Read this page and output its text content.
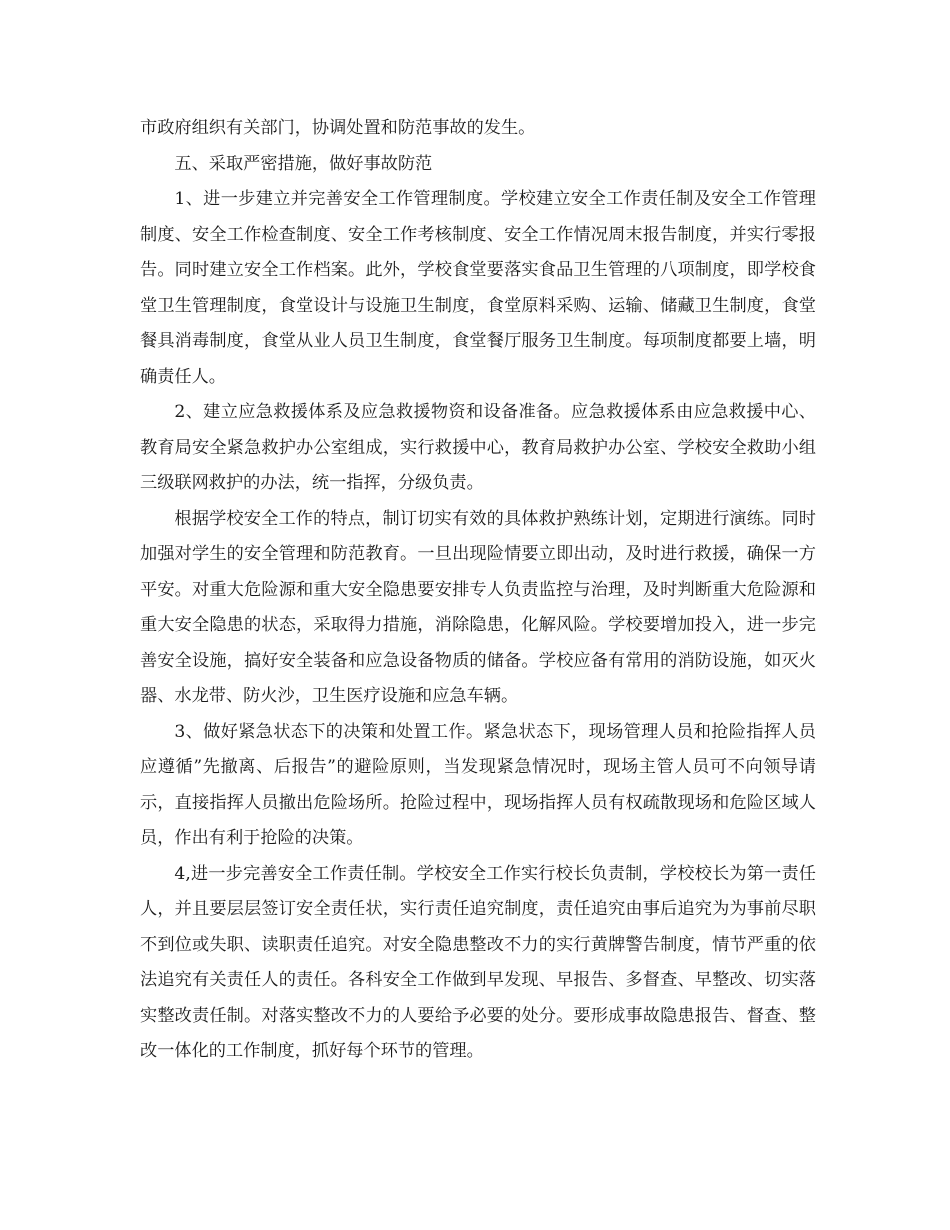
市政府组织有关部门，协调处置和防范事故的发生。

五、采取严密措施，做好事故防范

1、进一步建立并完善安全工作管理制度。学校建立安全工作责任制及安全工作管理制度、安全工作检查制度、安全工作考核制度、安全工作情况周末报告制度，并实行零报告。同时建立安全工作档案。此外，学校食堂要落实食品卫生管理的八项制度，即学校食堂卫生管理制度，食堂设计与设施卫生制度，食堂原料采购、运输、储藏卫生制度，食堂餐具消毒制度，食堂从业人员卫生制度，食堂餐厅服务卫生制度。每项制度都要上墙，明确责任人。

2、建立应急救援体系及应急救援物资和设备准备。应急救援体系由应急救援中心、教育局安全紧急救护办公室组成，实行救援中心，教育局救护办公室、学校安全救助小组三级联网救护的办法，统一指挥，分级负责。

根据学校安全工作的特点，制订切实有效的具体救护熟练计划，定期进行演练。同时加强对学生的安全管理和防范教育。一旦出现险情要立即出动，及时进行救援，确保一方平安。对重大危险源和重大安全隐患要安排专人负责监控与治理，及时判断重大危险源和重大安全隐患的状态，采取得力措施，消除隐患，化解风险。学校要增加投入，进一步完善安全设施，搞好安全装备和应急设备物质的储备。学校应备有常用的消防设施，如灭火器、水龙带、防火沙，卫生医疗设施和应急车辆。

3、做好紧急状态下的决策和处置工作。紧急状态下，现场管理人员和抢险指挥人员应遵循”先撤离、后报告”的避险原则，当发现紧急情况时，现场主管人员可不向领导请示，直接指挥人员撤出危险场所。抢险过程中，现场指挥人员有权疏散现场和危险区域人员，作出有利于抢险的决策。

4,进一步完善安全工作责任制。学校安全工作实行校长负责制，学校校长为第一责任人，并且要层层签订安全责任状，实行责任追究制度，责任追究由事后追究为为事前尽职不到位或失职、读职责任追究。对安全隐患整改不力的实行黄牌警告制度，情节严重的依法追究有关责任人的责任。各科安全工作做到早发现、早报告、多督查、早整改、切实落实整改责任制。对落实整改不力的人要给予必要的处分。要形成事故隐患报告、督查、整改一体化的工作制度，抓好每个环节的管理。
